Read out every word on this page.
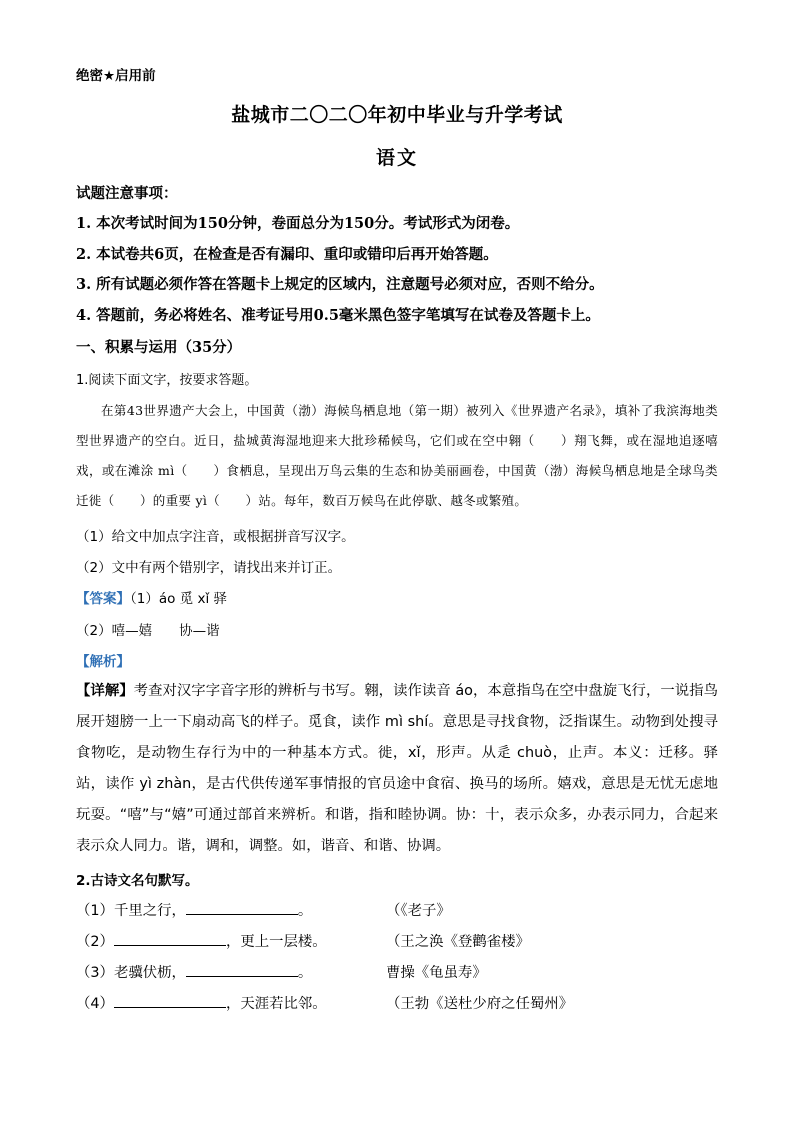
绝密★启用前
盐城市二〇二〇年初中毕业与升学考试
语文
试题注意事项：
1. 本次考试时间为150分钟，卷面总分为150分。考试形式为闭卷。
2. 本试卷共6页，在检查是否有漏印、重印或错印后再开始答题。
3. 所有试题必须作答在答题卡上规定的区域内，注意题号必须对应，否则不给分。
4. 答题前，务必将姓名、准考证号用0.5毫米黑色签字笔填写在试卷及答题卡上。
一、积累与运用（35分）
1.阅读下面文字，按要求答题。

在第43世界遗产大会上，中国黄（渤）海候鸟栖息地（第一期）被列入《世界遗产名录》，填补了我滨海地类型世界遗产的空白。近日，盐城黄海湿地迎来大批珍稀候鸟，它们或在空中翱（　　）翔飞舞，或在湿地追逐嘻戏，或在滩涂 mì（　　）食栖息，呈现出万鸟云集的生态和协美丽画卷，中国黄（渤）海候鸟栖息地是全球鸟类迁徙（　　）的重要 yì（　　）站。每年，数百万候鸟在此停歇、越冬或繁殖。

（1）给文中加点字注音，或根据拼音写汉字。
（2）文中有两个错别字，请找出来并订正。
【答案】（1）áo 觅 xǐ 驿
（2）嘻—嬉　　协—谐
【解析】

【详解】考查对汉字字音字形的辨析与书写。翱，读作读音 áo，本意指鸟在空中盘旋飞行，一说指鸟展开翅膀一上一下扇动高飞的样子。觅食，读作 mì shí。意思是寻找食物，泛指谋生。动物到处搜寻食物吃，是动物生存行为中的一种基本方式。徙，xǐ，形声。从辵 chuò，止声。本义：迁移。驿站，读作 yì zhàn，是古代供传递军事情报的官员途中食宿、换马的场所。嬉戏，意思是无忧无虑地玩耍。“嘻”与“嬉”可通过部首来辨析。和谐，指和睦协调。协：十，表示众多，办表示同力，合起来表示众人同力。谐，调和，调整。如，谐音、和谐、协调。

2.古诗文名句默写。
（1）千里之行，	。	（《老子》
（2）	，更上一层楼。	（王之涣《登鹳雀楼》
（3）老骥伏枥，	。	曹操《龟虽寿》
（4）	，天涯若比邻。	（王勃《送杜少府之任蜀州》
